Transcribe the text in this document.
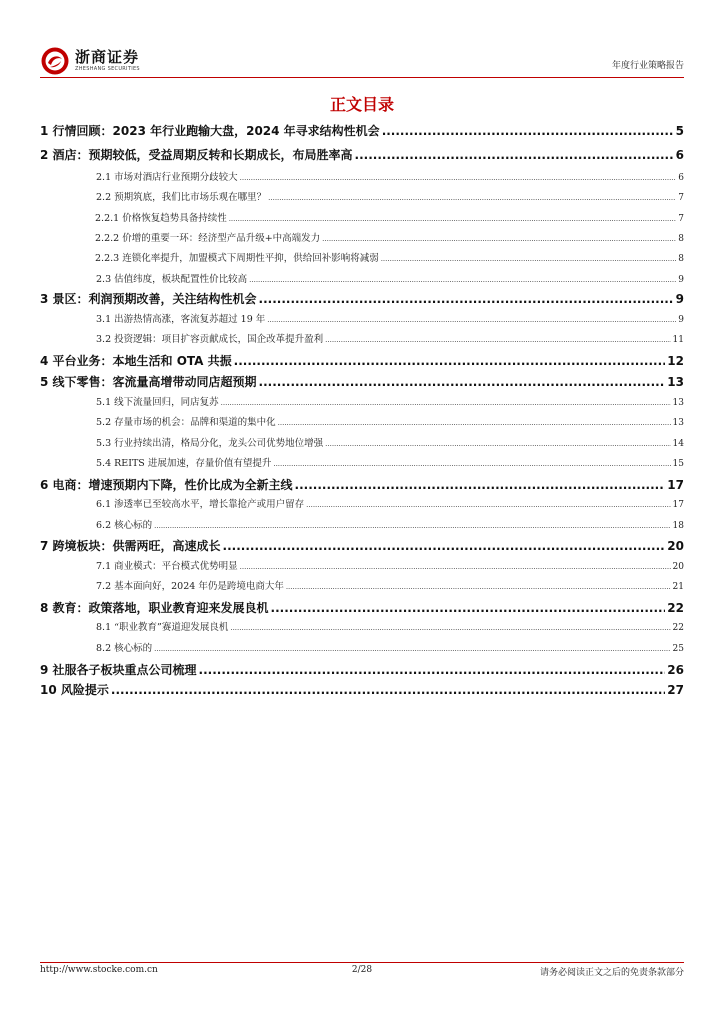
浙商证券
ZHESHANG SECURITIES	年度行业策略报告
正文目录
1 行情回顾：2023 年行业跑输大盘，2024 年寻求结构性机会 .....	5
2 酒店：预期较低，受益周期反转和长期成长，布局胜率高 .....	6
2.1 市场对酒店行业预期分歧较大 .....	6
2.2 预期筑底，我们比市场乐观在哪里？ .....	7
2.2.1 价格恢复趋势具备持续性 .....	7
2.2.2 价增的重要一环：经济型产品升级+中高端发力 .....	8
2.2.3 连锁化率提升，加盟模式下周期性平抑，供给回补影响将减弱 .....	8
2.3 估值纬度，板块配置性价比较高 .....	9
3 景区：利润预期改善，关注结构性机会 .....	9
3.1 出游热情高涨，客流复苏超过 19 年 .....	9
3.2 投资逻辑：项目扩容贡献成长，国企改革提升盈利 .....	11
4 平台业务：本地生活和 OTA 共振 .....	12
5 线下零售：客流量高增带动同店超预期 .....	13
5.1 线下流量回归，同店复苏 .....	13
5.2 存量市场的机会：品牌和渠道的集中化 .....	13
5.3 行业持续出清，格局分化，龙头公司优势地位增强 .....	14
5.4 REITS 进展加速，存量价值有望提升 .....	15
6 电商：增速预期内下降，性价比成为全新主线 .....	17
6.1 渗透率已至较高水平，增长靠抢产或用户留存 .....	17
6.2 核心标的 .....	18
7 跨境板块：供需两旺，高速成长 .....	20
7.1 商业模式：平台模式优势明显 .....	20
7.2 基本面向好，2024 年仍是跨境电商大年 .....	21
8 教育：政策落地，职业教育迎来发展良机 .....	22
8.1 “职业教育”赛道迎发展良机 .....	22
8.2 核心标的 .....	25
9 社服各子板块重点公司梳理 .....	26
10 风险提示 .....	27
http://www.stocke.com.cn	2/28	请务必阅读正文之后的免责条款部分
